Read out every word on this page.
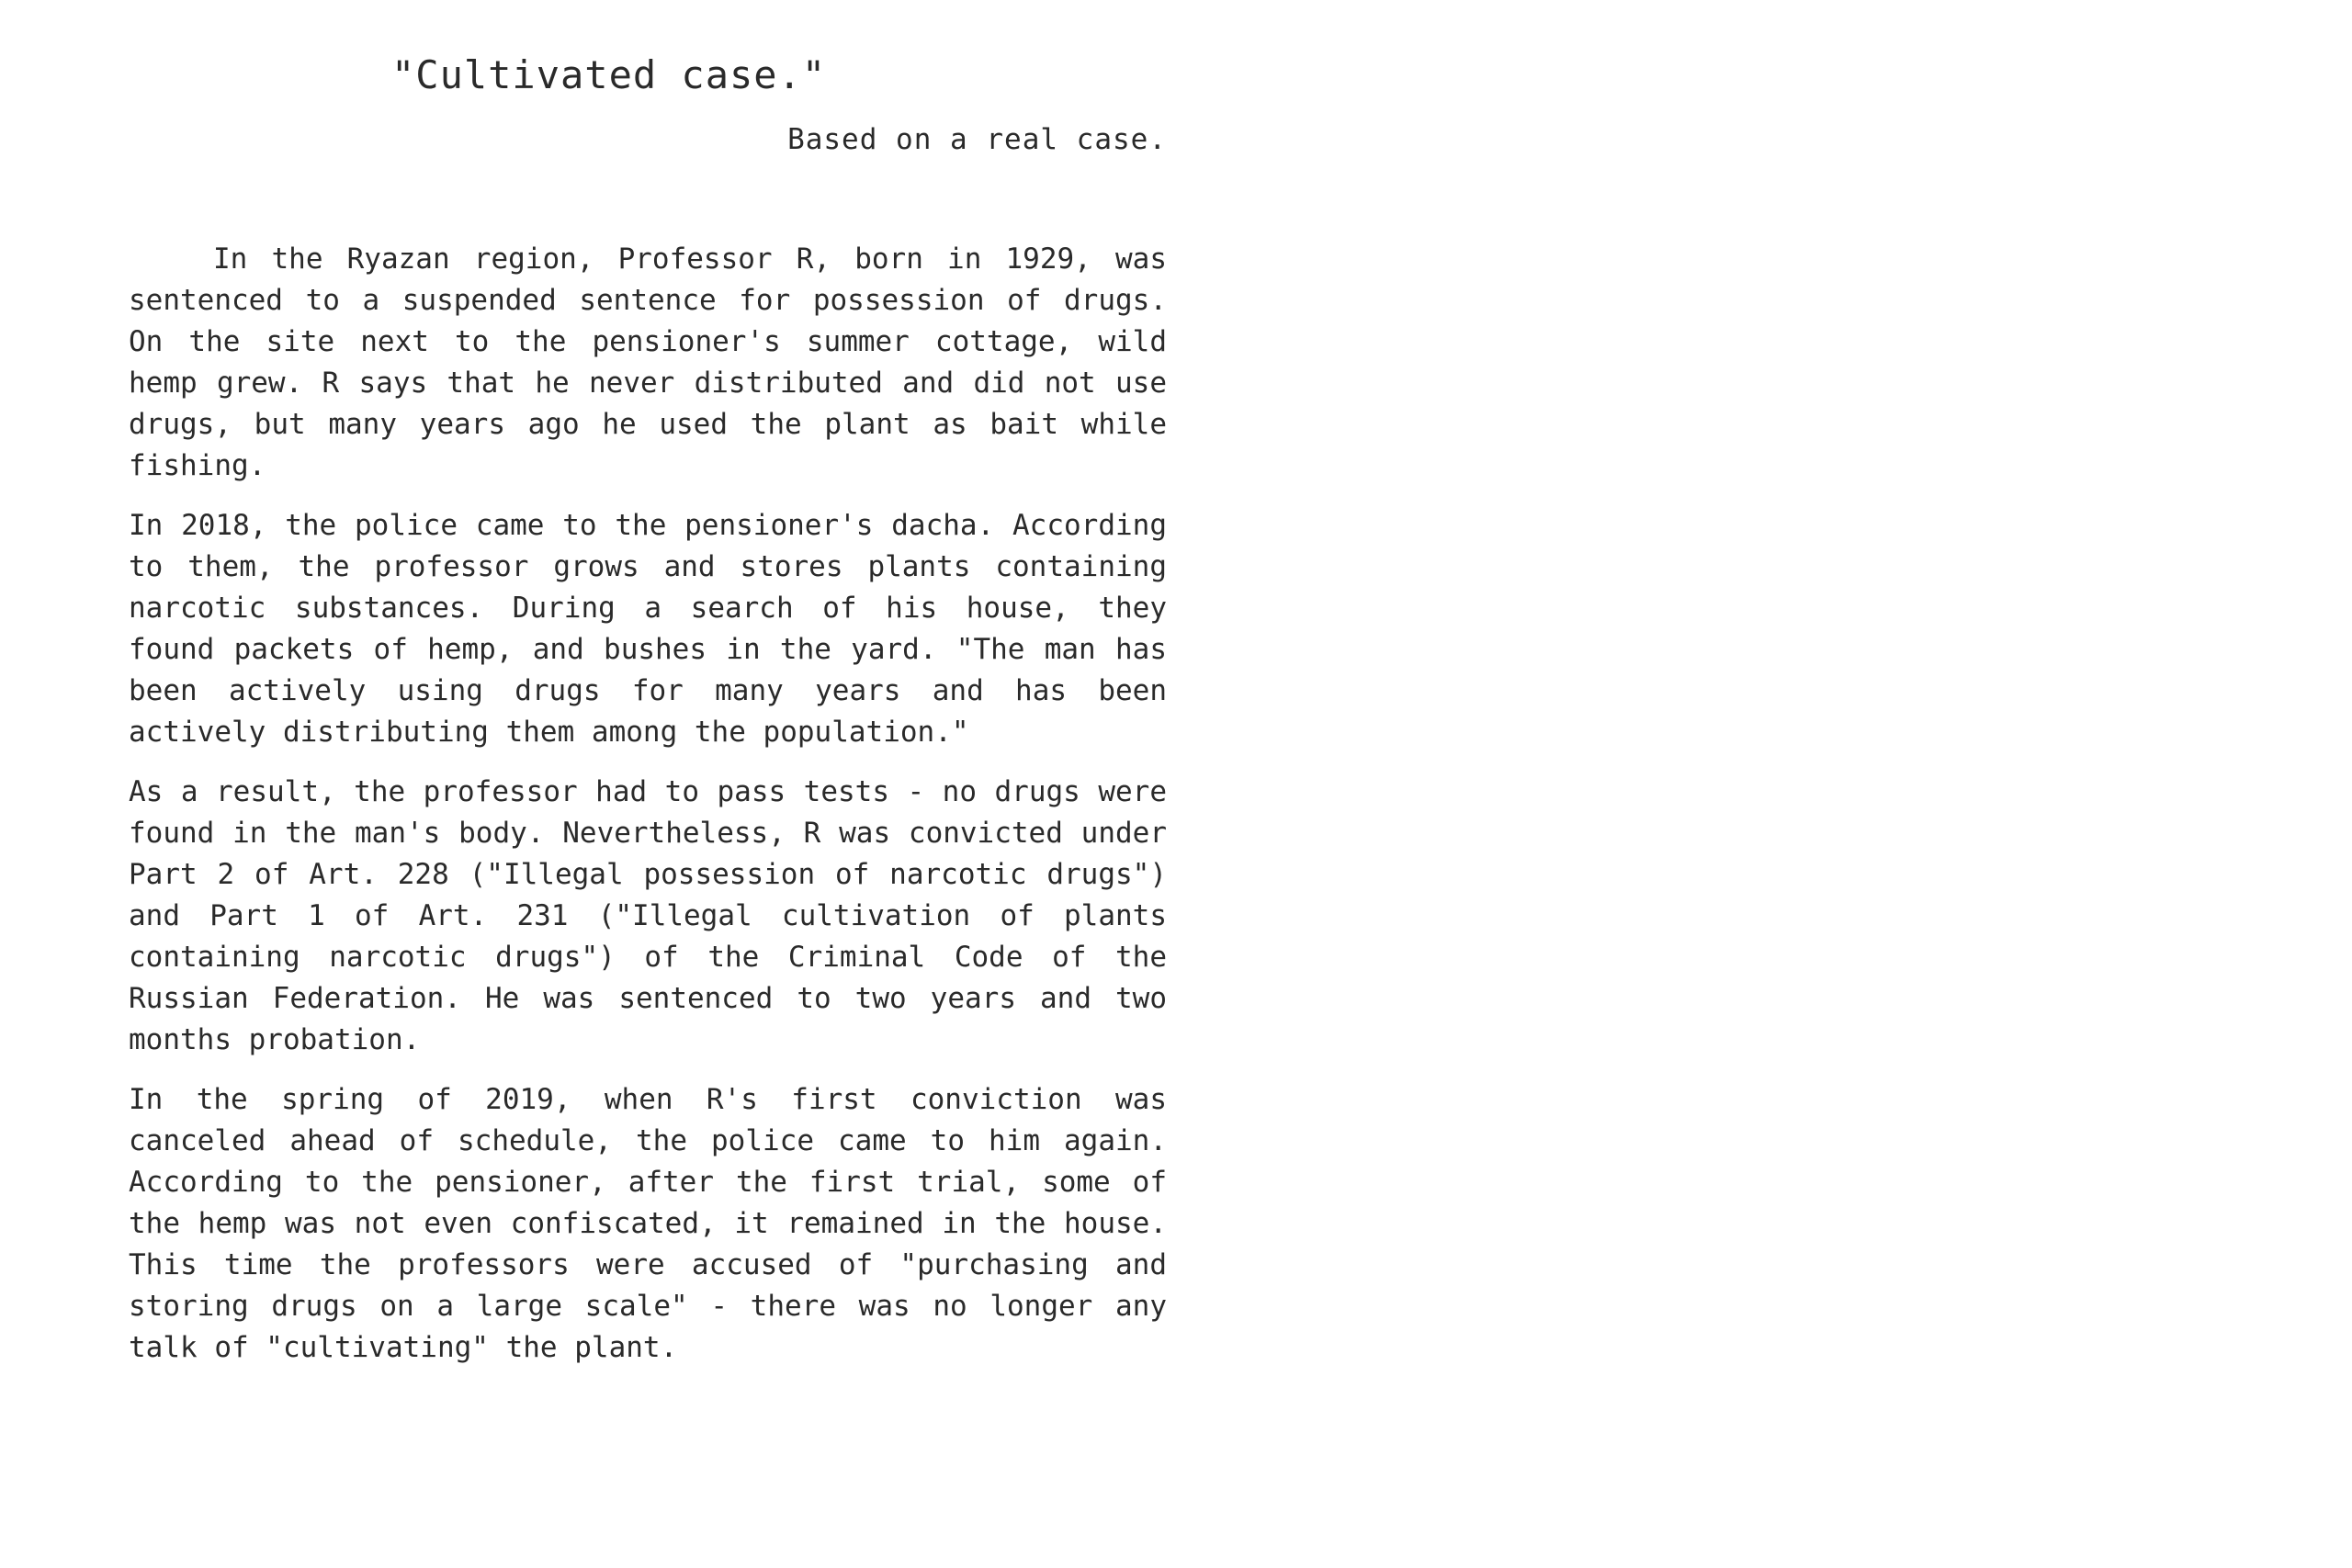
"Cultivated case."
Based on a real case.

In the Ryazan region, Professor R, born in 1929, was sentenced to a suspended sentence for possession of drugs. On the site next to the pensioner's summer cottage, wild hemp grew. R says that he never distributed and did not use drugs, but many years ago he used the plant as bait while fishing.

In 2018, the police came to the pensioner's dacha. According to them, the professor grows and stores plants containing narcotic substances. During a search of his house, they found packets of hemp, and bushes in the yard. "The man has been actively using drugs for many years and has been actively distributing them among the population."

As a result, the professor had to pass tests - no drugs were found in the man's body. Nevertheless, R was convicted under Part 2 of Art. 228 ("Illegal possession of narcotic drugs") and Part 1 of Art. 231 ("Illegal cultivation of plants containing narcotic drugs") of the Criminal Code of the Russian Federation. He was sentenced to two years and two months probation.

In the spring of 2019, when R's first conviction was canceled ahead of schedule, the police came to him again. According to the pensioner, after the first trial, some of the hemp was not even confiscated, it remained in the house. This time the professors were accused of "purchasing and storing drugs on a large scale" - there was no longer any talk of "cultivating" the plant.
